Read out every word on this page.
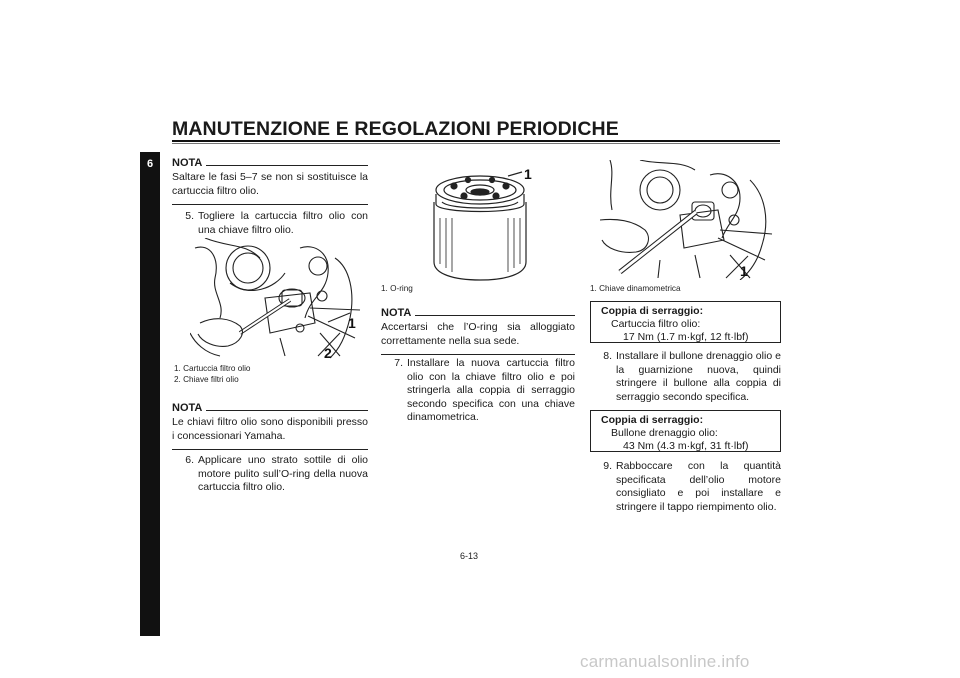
MANUTENZIONE E REGOLAZIONI PERIODICHE
6	NOTA
Saltare le fasi 5–7 se non si sostituisce la cartuccia filtro olio.
5. Togliere la cartuccia filtro olio con una chiave filtro olio.
1
2
1. Cartuccia filtro olio
2. Chiave filtri olio
NOTA
Le chiavi filtro olio sono disponibili presso i concessionari Yamaha.
6. Applicare uno strato sottile di olio motore pulito sull’O-ring della nuova cartuccia filtro olio.
1
1. O-ring
NOTA
Accertarsi che l’O-ring sia alloggiato correttamente nella sua sede.
7. Installare la nuova cartuccia filtro olio con la chiave filtro olio e poi stringerla alla coppia di serraggio secondo specifica con una chiave dinamometrica.
1
1. Chiave dinamometrica
Coppia di serraggio:
Cartuccia filtro olio:
17 Nm (1.7 m·kgf, 12 ft·lbf)
8. Installare il bullone drenaggio olio e la guarnizione nuova, quindi stringere il bullone alla coppia di serraggio secondo specifica.
Coppia di serraggio:
Bullone drenaggio olio:
43 Nm (4.3 m·kgf, 31 ft·lbf)
9. Rabboccare con la quantità specificata dell’olio motore consigliato e poi installare e stringere il tappo riempimento olio.
6-13
carmanualsonline.info
